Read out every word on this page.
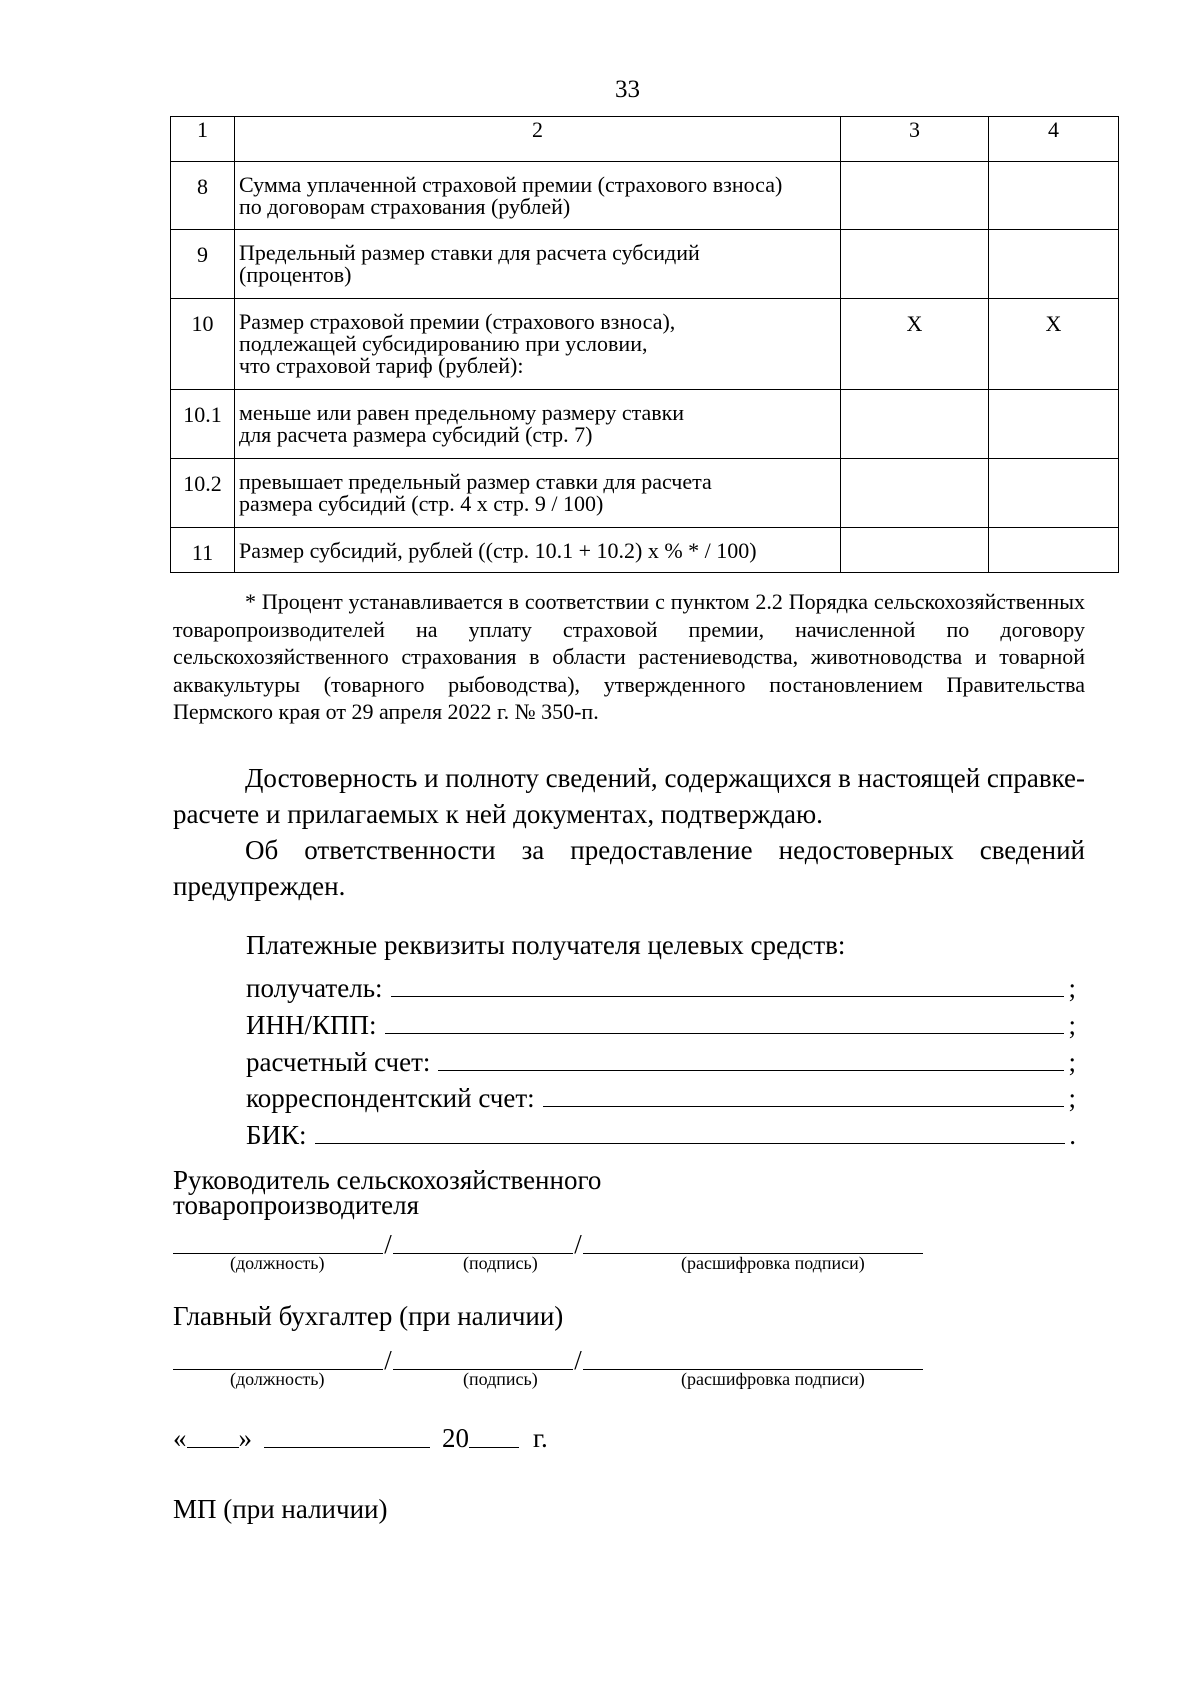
33
1	2	3	4
8	Сумма уплаченной страховой премии (страхового взноса)
по договорам страхования (рублей)		
9	Предельный размер ставки для расчета субсидий
(процентов)		
10	Размер страховой премии (страхового взноса),
подлежащей субсидированию при условии,
что страховой тариф (рублей):	X	X
10.1	меньше или равен предельному размеру ставки
для расчета размера субсидий (стр. 7)		
10.2	превышает предельный размер ставки для расчета
размера субсидий (стр. 4 х стр. 9 / 100)		
11	Размер субсидий, рублей ((стр. 10.1 + 10.2) x % * / 100)		
* Процент устанавливается в соответствии с пунктом 2.2 Порядка сельскохозяйственных товаропроизводителей на уплату страховой премии, начисленной по договору сельскохозяйственного страхования в области растениеводства, животноводства и товарной аквакультуры (товарного рыбоводства), утвержденного постановлением Правительства Пермского края от 29 апреля 2022 г. № 350-п.
Достоверность и полноту сведений, содержащихся в настоящей справке-расчете и прилагаемых к ней документах, подтверждаю.
Об ответственности за предоставление недостоверных сведений предупрежден.
Платежные реквизиты получателя целевых средств:
получатель:	;
ИНН/КПП:	;
расчетный счет:	;
корреспондентский счет:	;
БИК:	.
Руководитель сельскохозяйственного
товаропроизводителя
/	/
(должность)	(подпись)	(расшифровка подписи)
Главный бухгалтер (при наличии)
/	/
(должность)	(подпись)	(расшифровка подписи)
« »	20 г.
МП (при наличии)
